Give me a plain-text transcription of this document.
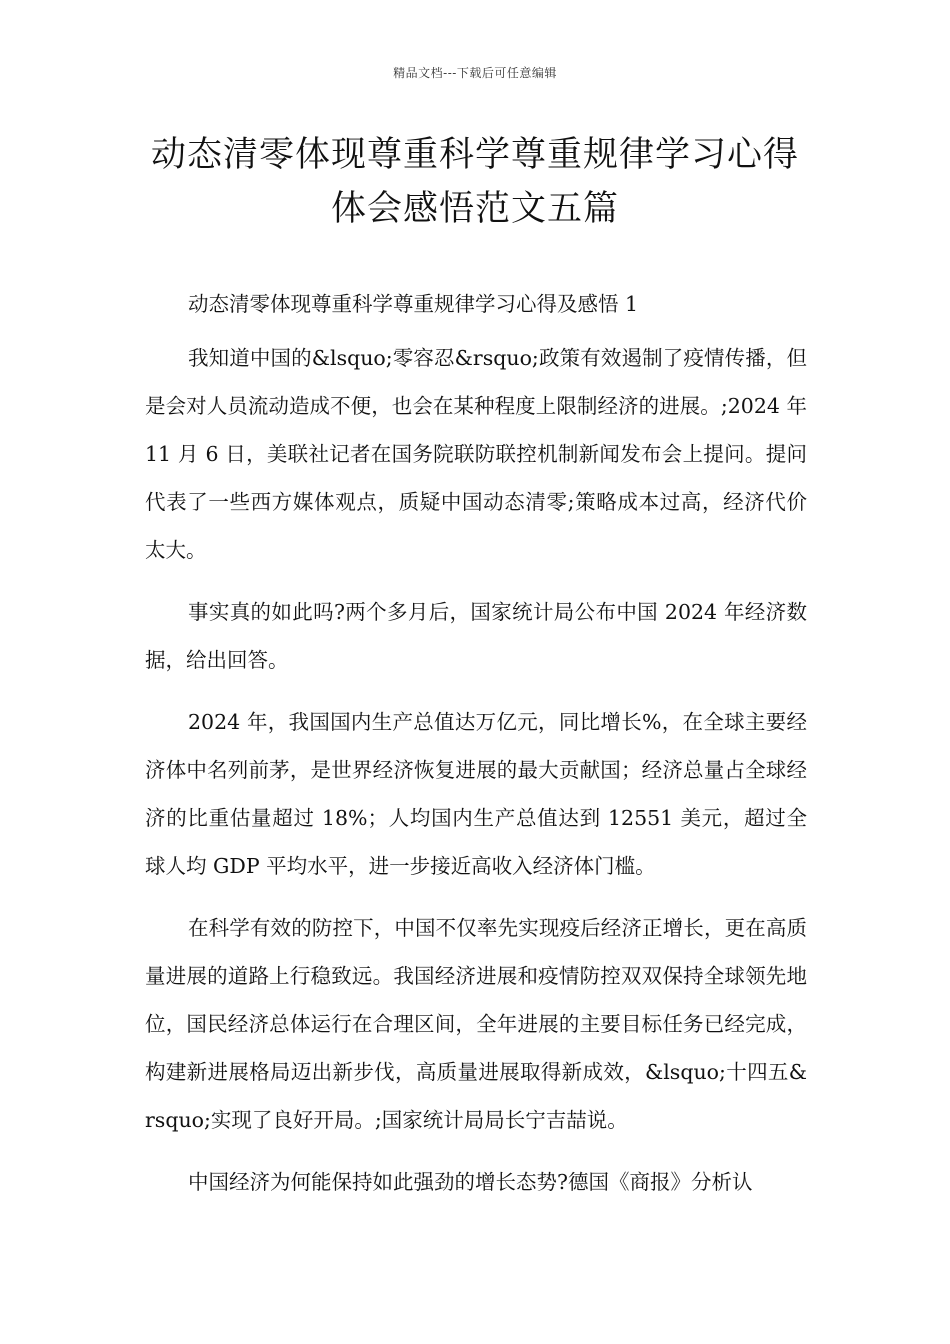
精品文档---下载后可任意编辑
动态清零体现尊重科学尊重规律学习心得体会感悟范文五篇

动态清零体现尊重科学尊重规律学习心得及感悟 1

我知道中国的&lsquo;零容忍&rsquo;政策有效遏制了疫情传播，但是会对人员流动造成不便，也会在某种程度上限制经济的进展。;2024 年 11 月 6 日，美联社记者在国务院联防联控机制新闻发布会上提问。提问代表了一些西方媒体观点，质疑中国动态清零;策略成本过高，经济代价太大。

事实真的如此吗?两个多月后，国家统计局公布中国 2024 年经济数据，给出回答。

2024 年，我国国内生产总值达万亿元，同比增长%，在全球主要经济体中名列前茅，是世界经济恢复进展的最大贡献国；经济总量占全球经济的比重估量超过 18%；人均国内生产总值达到 12551 美元，超过全球人均 GDP 平均水平，进一步接近高收入经济体门槛。

在科学有效的防控下，中国不仅率先实现疫后经济正增长，更在高质量进展的道路上行稳致远。我国经济进展和疫情防控双双保持全球领先地位，国民经济总体运行在合理区间，全年进展的主要目标任务已经完成，构建新进展格局迈出新步伐，高质量进展取得新成效，&lsquo;十四五&rsquo;实现了良好开局。;国家统计局局长宁吉喆说。

中国经济为何能保持如此强劲的增长态势?德国《商报》分析认
